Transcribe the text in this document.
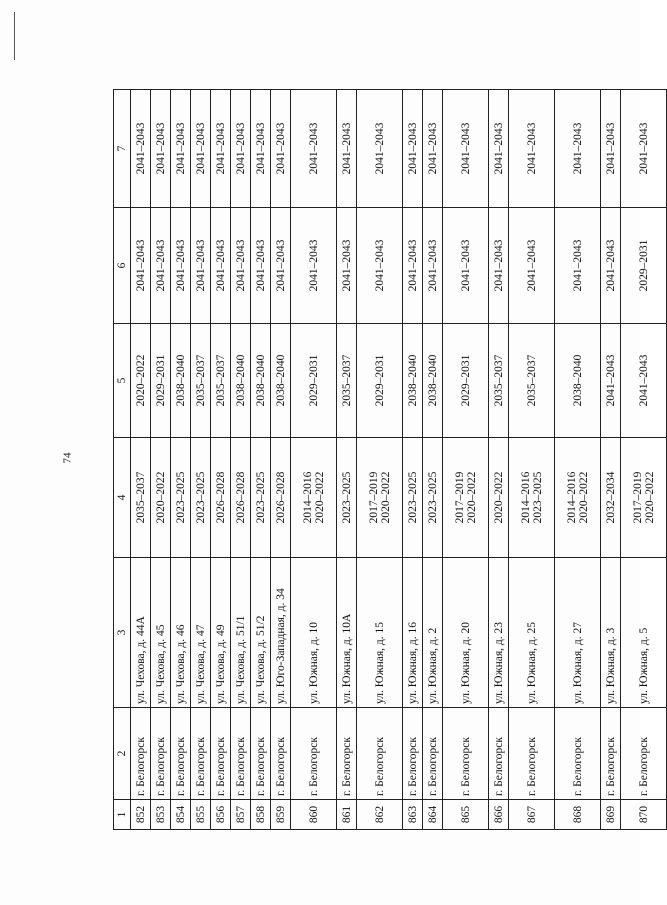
74
1	2	3	4	5	6	7
852	г. Белогорск	ул. Чехова, д. 44А	2035–2037	2020–2022	2041–2043	2041–2043
853	г. Белогорск	ул. Чехова, д. 45	2020–2022	2029–2031	2041–2043	2041–2043
854	г. Белогорск	ул. Чехова, д. 46	2023–2025	2038–2040	2041–2043	2041–2043
855	г. Белогорск	ул. Чехова, д. 47	2023–2025	2035–2037	2041–2043	2041–2043
856	г. Белогорск	ул. Чехова, д. 49	2026–2028	2035–2037	2041–2043	2041–2043
857	г. Белогорск	ул. Чехова, д. 51/1	2026–2028	2038–2040	2041–2043	2041–2043
858	г. Белогорск	ул. Чехова, д. 51/2	2023–2025	2038–2040	2041–2043	2041–2043
859	г. Белогорск	ул. Юго-Западная, д. 34	2026–2028	2038–2040	2041–2043	2041–2043
860	г. Белогорск	ул. Южная, д. 10	2014–2016 2020–2022	2029–2031	2041–2043	2041–2043
861	г. Белогорск	ул. Южная, д. 10А	2023–2025	2035–2037	2041–2043	2041–2043
862	г. Белогорск	ул. Южная, д. 15	2017–2019 2020–2022	2029–2031	2041–2043	2041–2043
863	г. Белогорск	ул. Южная, д. 16	2023–2025	2038–2040	2041–2043	2041–2043
864	г. Белогорск	ул. Южная, д. 2	2023–2025	2038–2040	2041–2043	2041–2043
865	г. Белогорск	ул. Южная, д. 20	2017–2019 2020–2022	2029–2031	2041–2043	2041–2043
866	г. Белогорск	ул. Южная, д. 23	2020–2022	2035–2037	2041–2043	2041–2043
867	г. Белогорск	ул. Южная, д. 25	2014–2016 2023–2025	2035–2037	2041–2043	2041–2043
868	г. Белогорск	ул. Южная, д. 27	2014–2016 2020–2022	2038–2040	2041–2043	2041–2043
869	г. Белогорск	ул. Южная, д. 3	2032–2034	2041–2043	2041–2043	2041–2043
870	г. Белогорск	ул. Южная, д. 5	2017–2019 2020–2022	2041–2043	2029–2031	2041–2043
